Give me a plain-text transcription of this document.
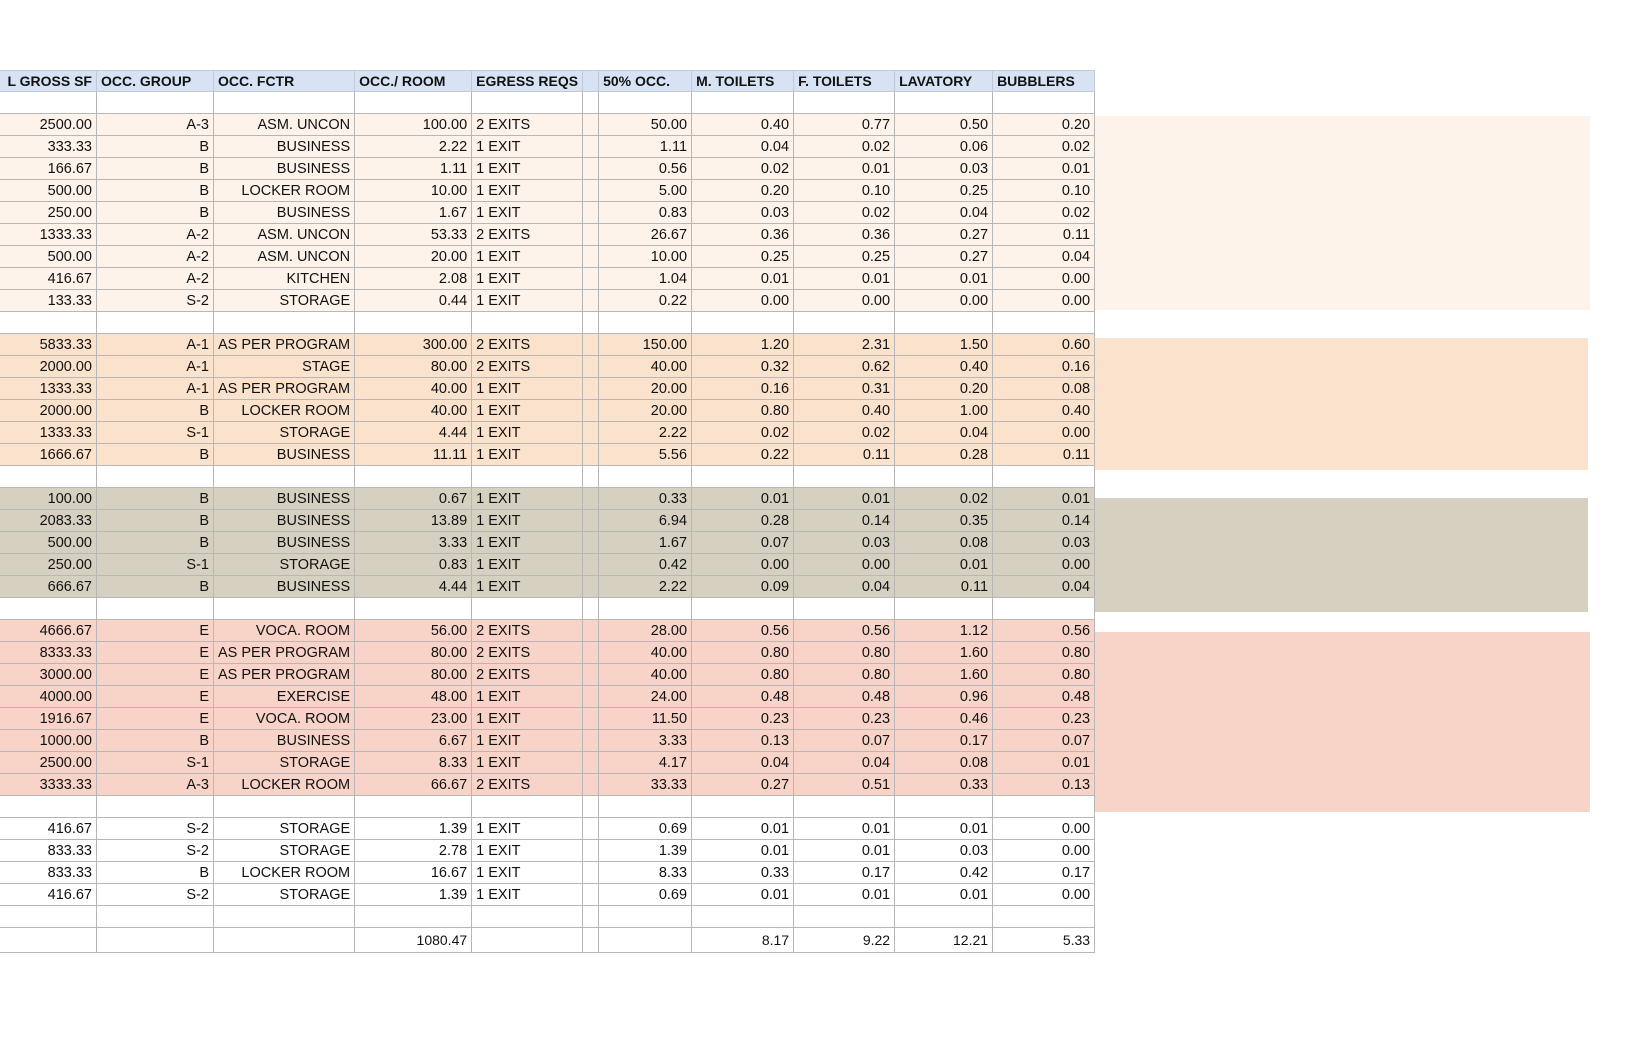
L GROSS SF	OCC. GROUP	OCC. FCTR	OCC./ ROOM	EGRESS REQS		50% OCC.	M. TOILETS	F. TOILETS	LAVATORY	BUBBLERS

2500.00	A-3	ASM. UNCON	100.00	2 EXITS		50.00	0.40	0.77	0.50	0.20
333.33	B	BUSINESS	2.22	1 EXIT		1.11	0.04	0.02	0.06	0.02
166.67	B	BUSINESS	1.11	1 EXIT		0.56	0.02	0.01	0.03	0.01
500.00	B	LOCKER ROOM	10.00	1 EXIT		5.00	0.20	0.10	0.25	0.10
250.00	B	BUSINESS	1.67	1 EXIT		0.83	0.03	0.02	0.04	0.02
1333.33	A-2	ASM. UNCON	53.33	2 EXITS		26.67	0.36	0.36	0.27	0.11
500.00	A-2	ASM. UNCON	20.00	1 EXIT		10.00	0.25	0.25	0.27	0.04
416.67	A-2	KITCHEN	2.08	1 EXIT		1.04	0.01	0.01	0.01	0.00
133.33	S-2	STORAGE	0.44	1 EXIT		0.22	0.00	0.00	0.00	0.00

5833.33	A-1	AS PER PROGRAM	300.00	2 EXITS		150.00	1.20	2.31	1.50	0.60
2000.00	A-1	STAGE	80.00	2 EXITS		40.00	0.32	0.62	0.40	0.16
1333.33	A-1	AS PER PROGRAM	40.00	1 EXIT		20.00	0.16	0.31	0.20	0.08
2000.00	B	LOCKER ROOM	40.00	1 EXIT		20.00	0.80	0.40	1.00	0.40
1333.33	S-1	STORAGE	4.44	1 EXIT		2.22	0.02	0.02	0.04	0.00
1666.67	B	BUSINESS	11.11	1 EXIT		5.56	0.22	0.11	0.28	0.11

100.00	B	BUSINESS	0.67	1 EXIT		0.33	0.01	0.01	0.02	0.01
2083.33	B	BUSINESS	13.89	1 EXIT		6.94	0.28	0.14	0.35	0.14
500.00	B	BUSINESS	3.33	1 EXIT		1.67	0.07	0.03	0.08	0.03
250.00	S-1	STORAGE	0.83	1 EXIT		0.42	0.00	0.00	0.01	0.00
666.67	B	BUSINESS	4.44	1 EXIT		2.22	0.09	0.04	0.11	0.04

4666.67	E	VOCA. ROOM	56.00	2 EXITS		28.00	0.56	0.56	1.12	0.56
8333.33	E	AS PER PROGRAM	80.00	2 EXITS		40.00	0.80	0.80	1.60	0.80
3000.00	E	AS PER PROGRAM	80.00	2 EXITS		40.00	0.80	0.80	1.60	0.80
4000.00	E	EXERCISE	48.00	1 EXIT		24.00	0.48	0.48	0.96	0.48
1916.67	E	VOCA. ROOM	23.00	1 EXIT		11.50	0.23	0.23	0.46	0.23
1000.00	B	BUSINESS	6.67	1 EXIT		3.33	0.13	0.07	0.17	0.07
2500.00	S-1	STORAGE	8.33	1 EXIT		4.17	0.04	0.04	0.08	0.01
3333.33	A-3	LOCKER ROOM	66.67	2 EXITS		33.33	0.27	0.51	0.33	0.13

416.67	S-2	STORAGE	1.39	1 EXIT		0.69	0.01	0.01	0.01	0.00
833.33	S-2	STORAGE	2.78	1 EXIT		1.39	0.01	0.01	0.03	0.00
833.33	B	LOCKER ROOM	16.67	1 EXIT		8.33	0.33	0.17	0.42	0.17
416.67	S-2	STORAGE	1.39	1 EXIT		0.69	0.01	0.01	0.01	0.00

			1080.47				8.17	9.22	12.21	5.33
